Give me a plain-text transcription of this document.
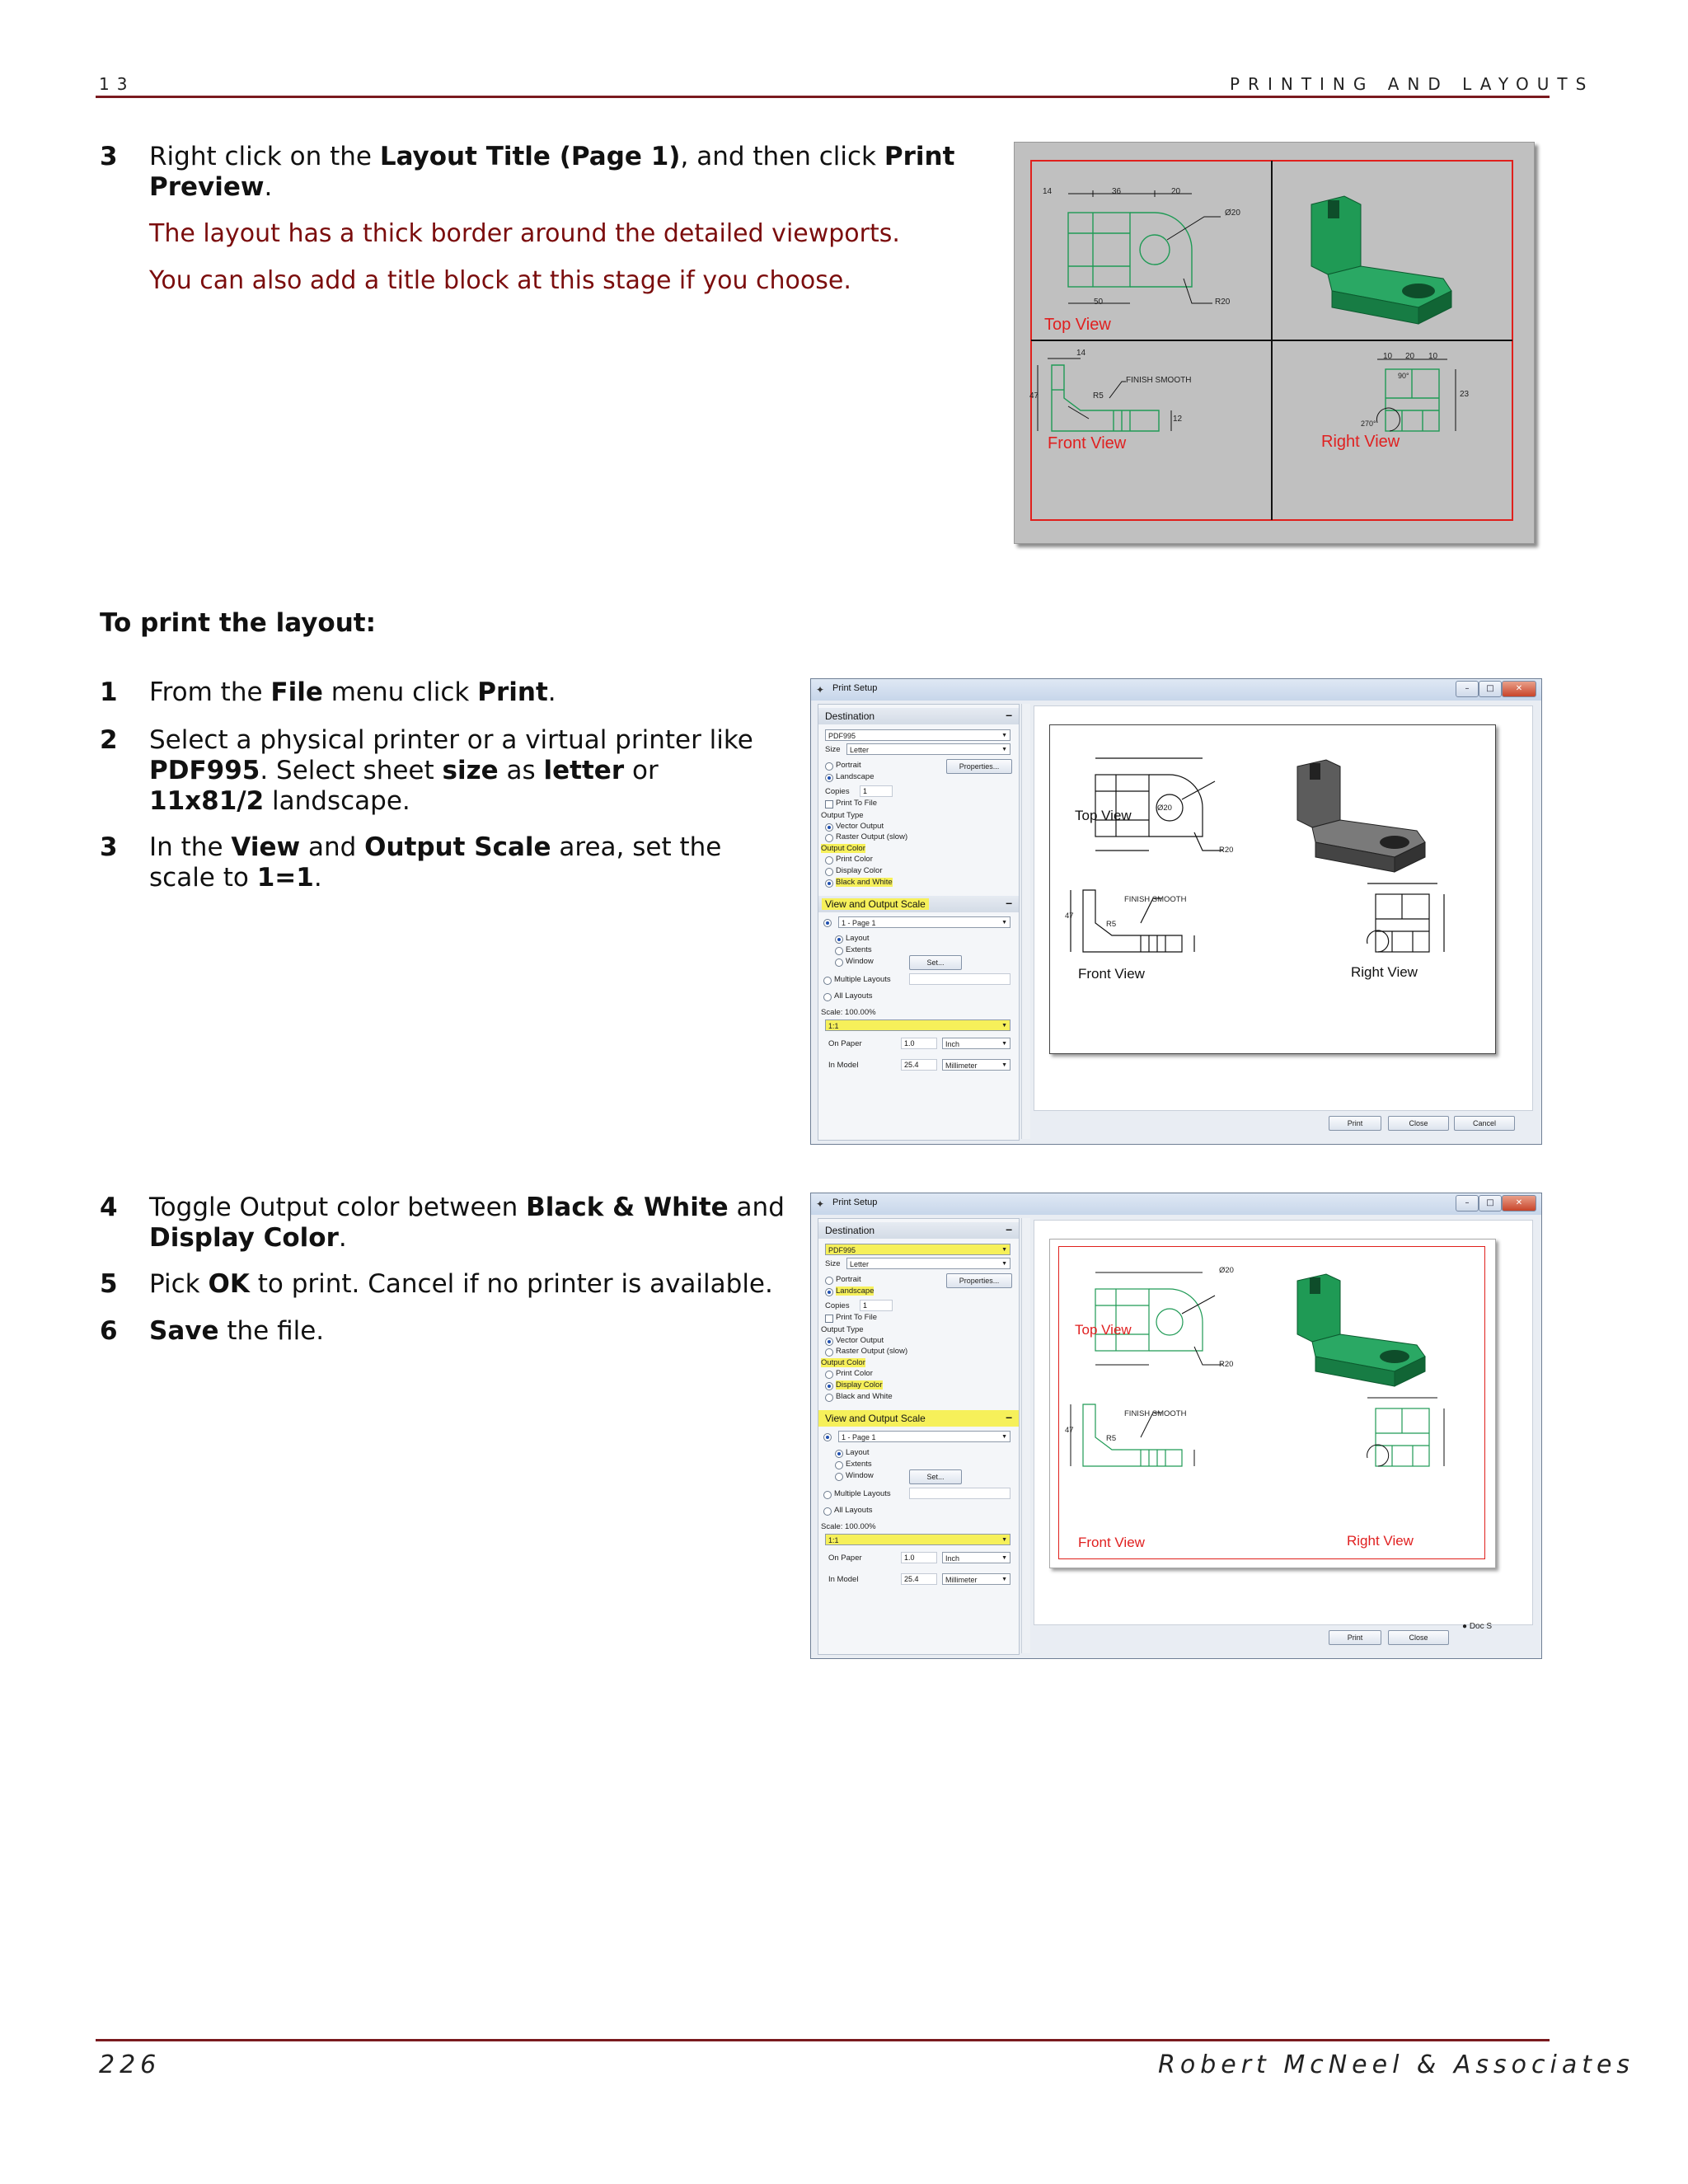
13	PRINTING AND LAYOUTS
3 Right click on the Layout Title (Page 1), and then click Print
Preview.
The layout has a thick border around the detailed viewports.
You can also add a title block at this stage if you choose.
14	36	20
Ø20
50	R20
Top View
14
FINISH SMOOTH
R5
47
12
Front View
10 20 10
90°
23
270°
Right View
To print the layout:
1 From the File menu click Print.
2 Select a physical printer or a virtual printer like
PDF995. Select sheet size as letter or
11x81/2 landscape.
3 In the View and Output Scale area, set the
scale to 1=1.
4 Toggle Output color between Black & White and
Display Color.
5 Pick OK to print. Cancel if no printer is available.
6 Save the file.
✦ Print Setup	–	□	✕
Destination	–
PDF995	▼
Size	Letter	▼
Portrait	Properties...
Landscape
Copies	1
Print To File
Output Type
Vector Output
Raster Output (slow)
Output Color
Print Color
Display Color
Black and White
View and Output Scale	–
1 - Page 1	▼
Layout
Extents
Window	Set...
Multiple Layouts
All Layouts
Scale: 100.00%
1:1	▼
On Paper	1.0	Inch	▼
In Model	25.4	Millimeter	▼
Top View
Front View	Right View
Ø20
R20
FINISH SMOOTH
R5
47
Print	Close	Cancel
✦ Print Setup	–	□	✕
Destination	–
PDF995	▼
Size	Letter	▼
Portrait	Properties...
Landscape
Copies	1
Print To File
Output Type
Vector Output
Raster Output (slow)
Output Color
Print Color
Display Color
Black and White
View and Output Scale	–
1 - Page 1	▼
Layout
Extents
Window	Set...
Multiple Layouts
All Layouts
Scale: 100.00%
1:1	▼
On Paper	1.0	Inch	▼
In Model	25.4	Millimeter	▼
Top View
Front View	Right View
Ø20
R20
FINISH SMOOTH
R5
47
Print	Close
● Doc S
226	Robert McNeel & Associates
